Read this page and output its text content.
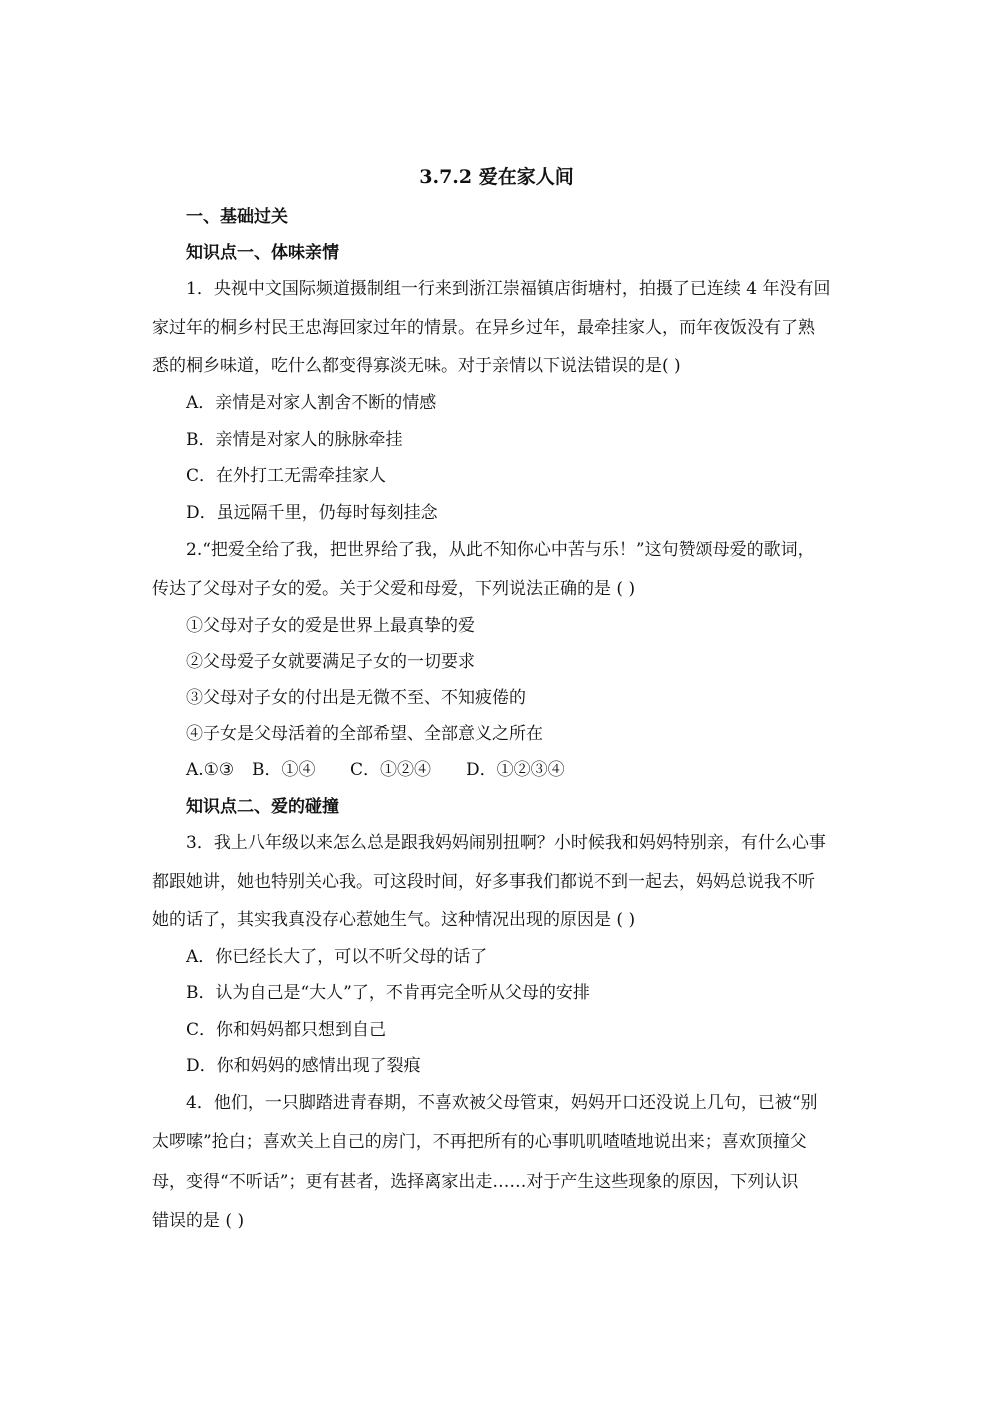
3.7.2 爱在家人间
一、基础过关
知识点一、体味亲情
1．央视中文国际频道摄制组一行来到浙江崇福镇店街塘村，拍摄了已连续 4 年没有回
家过年的桐乡村民王忠海回家过年的情景。在异乡过年，最牵挂家人，而年夜饭没有了熟
悉的桐乡味道，吃什么都变得寡淡无味。对于亲情以下说法错误的是( )
A．亲情是对家人割舍不断的情感
B．亲情是对家人的脉脉牵挂
C．在外打工无需牵挂家人
D．虽远隔千里，仍每时每刻挂念
2.“把爱全给了我，把世界给了我，从此不知你心中苦与乐！”这句赞颂母爱的歌词，
传达了父母对子女的爱。关于父爱和母爱，下列说法正确的是 ( )
①父母对子女的爱是世界上最真挚的爱
②父母爱子女就要满足子女的一切要求
③父母对子女的付出是无微不至、不知疲倦的
④子女是父母活着的全部希望、全部意义之所在
A.①③ B．①④ C．①②④ D．①②③④
知识点二、爱的碰撞
3．我上八年级以来怎么总是跟我妈妈闹别扭啊？小时候我和妈妈特别亲，有什么心事
都跟她讲，她也特别关心我。可这段时间，好多事我们都说不到一起去，妈妈总说我不听
她的话了，其实我真没存心惹她生气。这种情况出现的原因是 ( )
A．你已经长大了，可以不听父母的话了
B．认为自己是“大人”了，不肯再完全听从父母的安排
C．你和妈妈都只想到自己
D．你和妈妈的感情出现了裂痕
4．他们，一只脚踏进青春期，不喜欢被父母管束，妈妈开口还没说上几句，已被“别
太啰嗦”抢白；喜欢关上自己的房门，不再把所有的心事叽叽喳喳地说出来；喜欢顶撞父
母，变得“不听话”；更有甚者，选择离家出走……对于产生这些现象的原因，下列认识
错误的是 ( )
